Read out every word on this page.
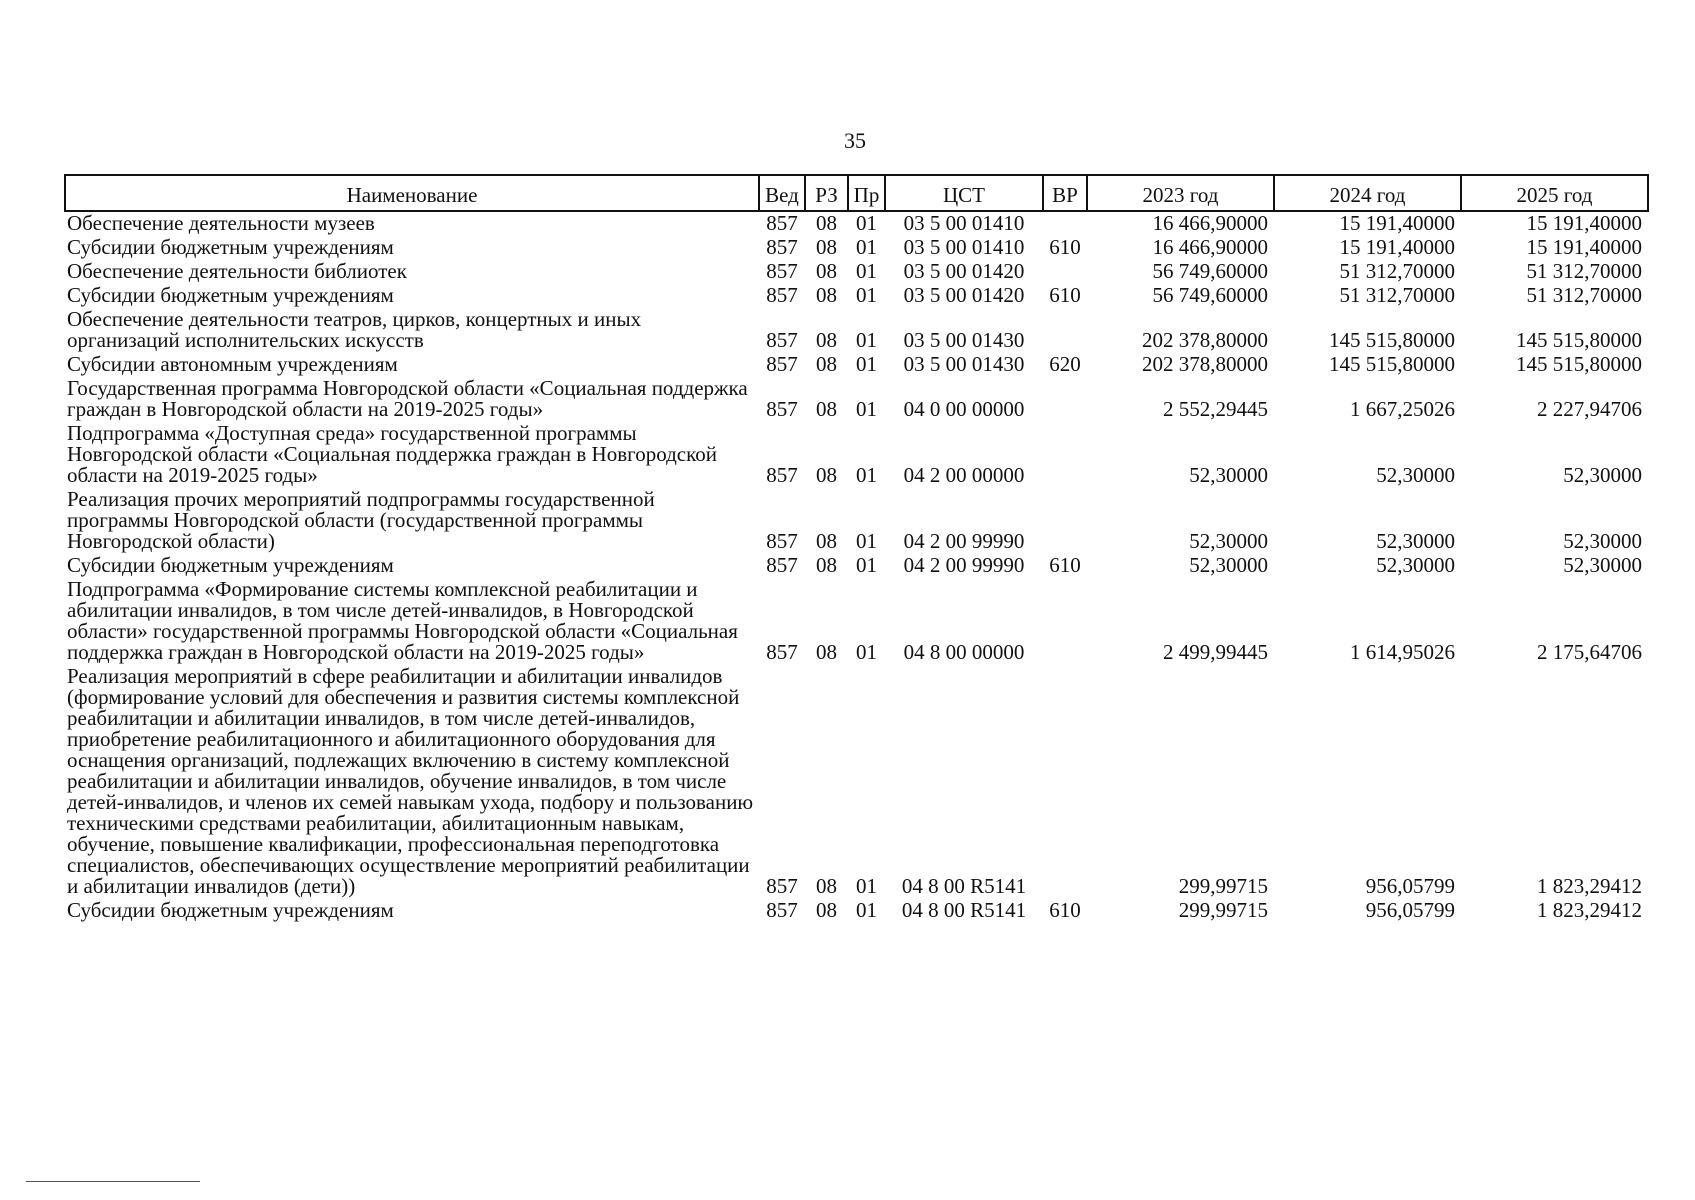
35
Наименование	Вед	РЗ	Пр	ЦСТ	ВР	2023 год	2024 год	2025 год
Обеспечение деятельности музеев	857	08	01	03 5 00 01410		16 466,90000	15 191,40000	15 191,40000
Субсидии бюджетным учреждениям	857	08	01	03 5 00 01410	610	16 466,90000	15 191,40000	15 191,40000
Обеспечение деятельности библиотек	857	08	01	03 5 00 01420		56 749,60000	51 312,70000	51 312,70000
Субсидии бюджетным учреждениям	857	08	01	03 5 00 01420	610	56 749,60000	51 312,70000	51 312,70000
Обеспечение деятельности театров, цирков, концертных и иных организаций исполнительских искусств	857	08	01	03 5 00 01430		202 378,80000	145 515,80000	145 515,80000
Субсидии автономным учреждениям	857	08	01	03 5 00 01430	620	202 378,80000	145 515,80000	145 515,80000
Государственная программа Новгородской области «Социальная поддержка граждан в Новгородской области на 2019-2025 годы»	857	08	01	04 0 00 00000		2 552,29445	1 667,25026	2 227,94706
Подпрограмма «Доступная среда» государственной программы Новгородской области «Социальная поддержка граждан в Новгородской области на 2019-2025 годы»	857	08	01	04 2 00 00000		52,30000	52,30000	52,30000
Реализация прочих мероприятий подпрограммы государственной программы Новгородской области (государственной программы Новгородской области)	857	08	01	04 2 00 99990		52,30000	52,30000	52,30000
Субсидии бюджетным учреждениям	857	08	01	04 2 00 99990	610	52,30000	52,30000	52,30000
Подпрограмма «Формирование системы комплексной реабилитации и абилитации инвалидов, в том числе детей-инвалидов, в Новгородской области» государственной программы Новгородской области «Социальная поддержка граждан в Новгородской области на 2019-2025 годы»	857	08	01	04 8 00 00000		2 499,99445	1 614,95026	2 175,64706
Реализация мероприятий в сфере реабилитации и абилитации инвалидов (формирование условий для обеспечения и развития системы комплексной реабилитации и абилитации инвалидов, в том числе детей-инвалидов, приобретение реабилитационного и абилитационного оборудования для оснащения организаций, подлежащих включению в систему комплексной реабилитации и абилитации инвалидов, обучение инвалидов, в том числе детей-инвалидов, и членов их семей навыкам ухода, подбору и пользованию техническими средствами реабилитации, абилитационным навыкам, обучение, повышение квалификации, профессиональная переподготовка специалистов, обеспечивающих осуществление мероприятий реабилитации и абилитации инвалидов (дети))	857	08	01	04 8 00 R5141		299,99715	956,05799	1 823,29412
Субсидии бюджетным учреждениям	857	08	01	04 8 00 R5141	610	299,99715	956,05799	1 823,29412
